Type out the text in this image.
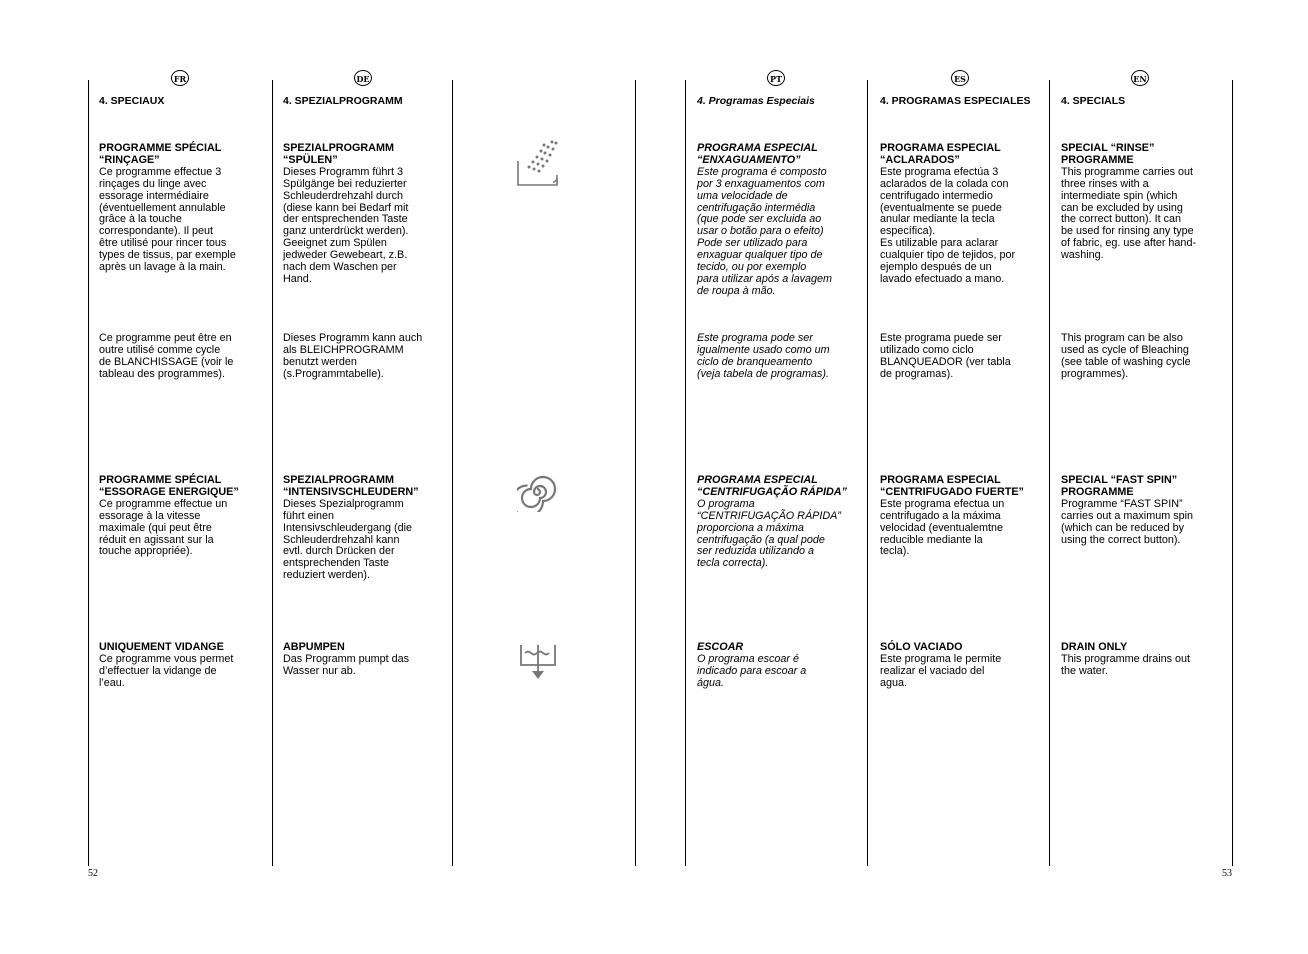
FR
4. SPECIAUX
PROGRAMME SPÉCIAL
“RINÇAGE”
Ce programme effectue 3
rinçages du linge avec
essorage intermédiaire
(éventuellement annulable
grâce à la touche
correspondante). Il peut
être utilisé pour rincer tous
types de tissus, par exemple
après un lavage à la main.
Ce programme peut être en
outre utilisé comme cycle
de BLANCHISSAGE (voir le
tableau des programmes).
PROGRAMME SPÉCIAL
“ESSORAGE ENERGIQUE”
Ce programme effectue un
essorage à la vitesse
maximale (qui peut être
réduit en agissant sur la
touche appropriée).
UNIQUEMENT VIDANGE
Ce programme vous permet
d’effectuer la vidange de
l’eau.
DE
4. SPEZIALPROGRAMM
SPEZIALPROGRAMM
“SPÜLEN”
Dieses Programm führt 3
Spülgänge bei reduzierter
Schleuderdrehzahl durch
(diese kann bei Bedarf mit
der entsprechenden Taste
ganz unterdrückt werden).
Geeignet zum Spülen
jedweder Gewebeart, z.B.
nach dem Waschen per
Hand.
Dieses Programm kann auch
als BLEICHPROGRAMM
benutzt werden
(s.Programmtabelle).
SPEZIALPROGRAMM
“INTENSIVSCHLEUDERN”
Dieses Spezialprogramm
führt einen
Intensivschleudergang (die
Schleuderdrehzahl kann
evtl. durch Drücken der
entsprechenden Taste
reduziert werden).
ABPUMPEN
Das Programm pumpt das
Wasser nur ab.
PT
4. Programas Especiais
PROGRAMA ESPECIAL
“ENXAGUAMENTO”
Este programa é composto
por 3 enxaguamentos com
uma velocidade de
centrifugação intermédia
(que pode ser excluida ao
usar o botão para o efeito)
Pode ser utilizado para
enxaguar qualquer tipo de
tecido, ou por exemplo
para utilizar após a lavagem
de roupa à mão.
Este programa pode ser
igualmente usado como um
ciclo de branqueamento
(veja tabela de programas).
PROGRAMA ESPECIAL
“CENTRIFUGAÇÃO RÁPIDA”
O programa
“CENTRIFUGAÇÃO RÁPIDA”
proporciona a máxima
centrifugação (a qual pode
ser reduzida utilizando a
tecla correcta).
ESCOAR
O programa escoar é
indicado para escoar a
água.
ES
4. PROGRAMAS ESPECIALES
PROGRAMA ESPECIAL
“ACLARADOS”
Este programa efectúa 3
aclarados de la colada con
centrifugado intermedio
(eventualmente se puede
anular mediante la tecla
específica).
Es utilizable para aclarar
cualquier tipo de tejidos, por
ejemplo después de un
lavado efectuado a mano.
Este programa puede ser
utilizado como ciclo
BLANQUEADOR (ver tabla
de programas).
PROGRAMA ESPECIAL
“CENTRIFUGADO FUERTE”
Este programa efectua un
centrifugado a la máxima
velocidad (eventualemtne
reducible mediante la
tecla).
SÓLO VACIADO
Este programa le permite
realizar el vaciado del
agua.
EN
4. SPECIALS
SPECIAL “RINSE”
PROGRAMME
This programme carries out
three rinses with a
intermediate spin (which
can be excluded by using
the correct button). It can
be used for rinsing any type
of fabric, eg. use after hand-
washing.
This program can be also
used as cycle of Bleaching
(see table of washing cycle
programmes).
SPECIAL “FAST SPIN”
PROGRAMME
Programme “FAST SPIN”
carries out a maximum spin
(which can be reduced by
using the correct button).
DRAIN ONLY
This programme drains out
the water.
52	53
